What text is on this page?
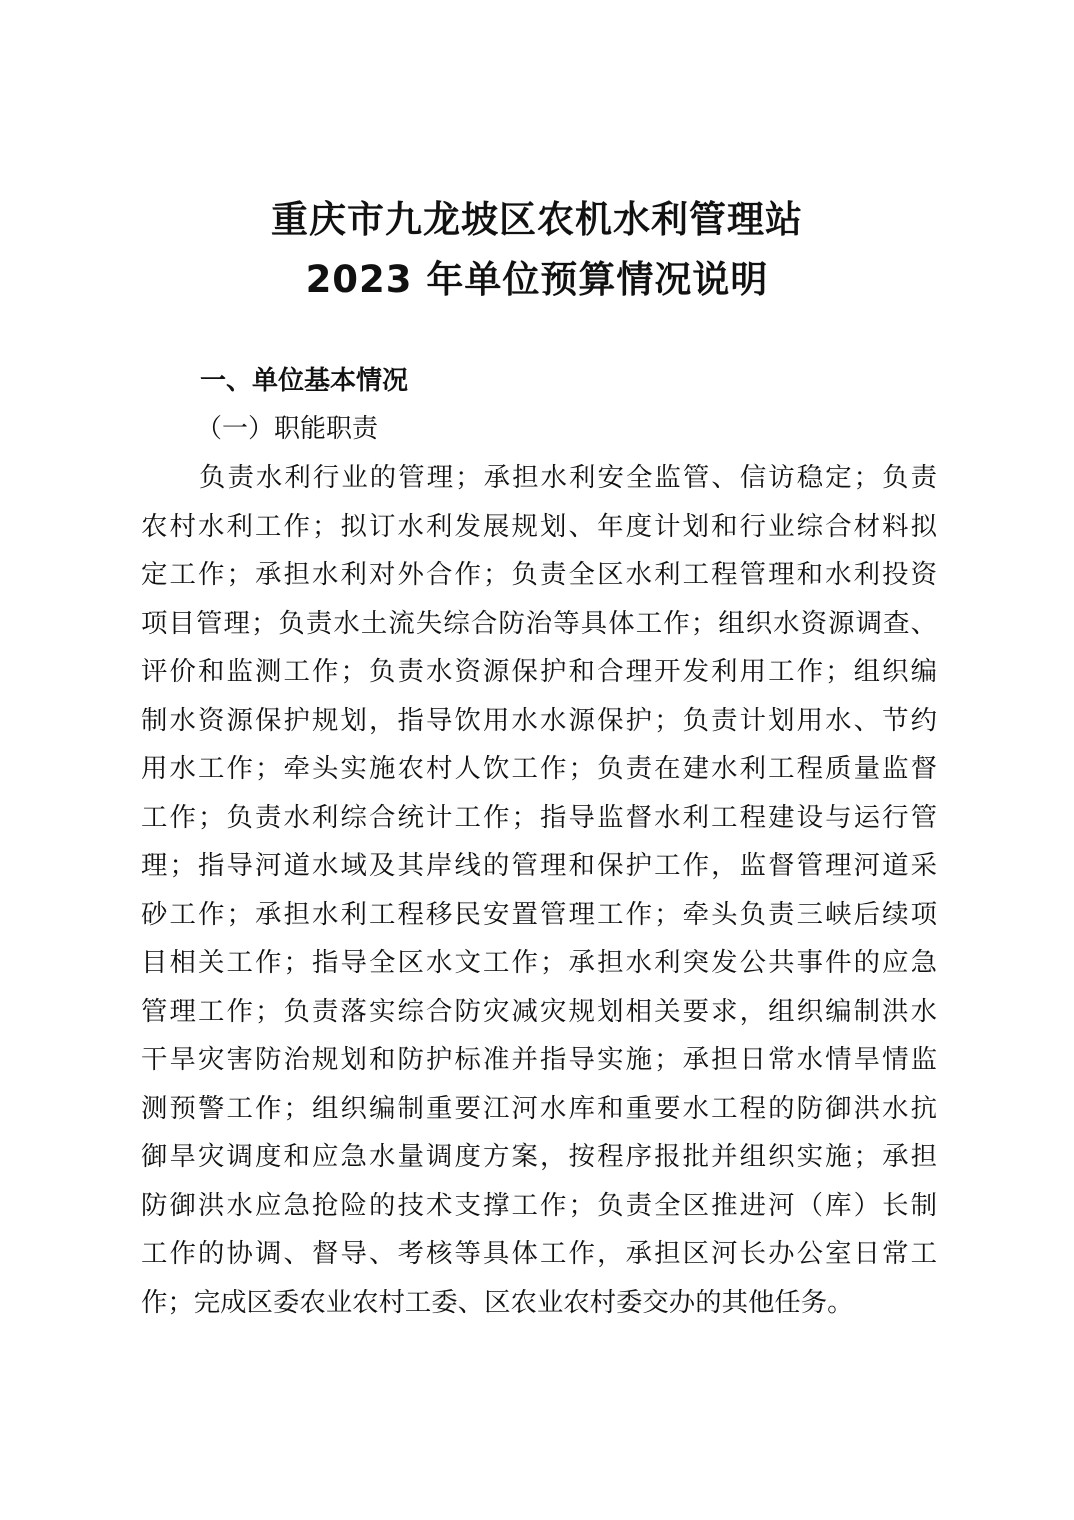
重庆市九龙坡区农机水利管理站
2023 年单位预算情况说明
一、单位基本情况
（一）职能职责
负责水利行业的管理；承担水利安全监管、信访稳定；负责
农村水利工作；拟订水利发展规划、年度计划和行业综合材料拟
定工作；承担水利对外合作；负责全区水利工程管理和水利投资
项目管理；负责水土流失综合防治等具体工作；组织水资源调查、
评价和监测工作；负责水资源保护和合理开发利用工作；组织编
制水资源保护规划，指导饮用水水源保护；负责计划用水、节约
用水工作；牵头实施农村人饮工作；负责在建水利工程质量监督
工作；负责水利综合统计工作；指导监督水利工程建设与运行管
理；指导河道水域及其岸线的管理和保护工作，监督管理河道采
砂工作；承担水利工程移民安置管理工作；牵头负责三峡后续项
目相关工作；指导全区水文工作；承担水利突发公共事件的应急
管理工作；负责落实综合防灾减灾规划相关要求，组织编制洪水
干旱灾害防治规划和防护标准并指导实施；承担日常水情旱情监
测预警工作；组织编制重要江河水库和重要水工程的防御洪水抗
御旱灾调度和应急水量调度方案，按程序报批并组织实施；承担
防御洪水应急抢险的技术支撑工作；负责全区推进河（库）长制
工作的协调、督导、考核等具体工作，承担区河长办公室日常工
作；完成区委农业农村工委、区农业农村委交办的其他任务。
